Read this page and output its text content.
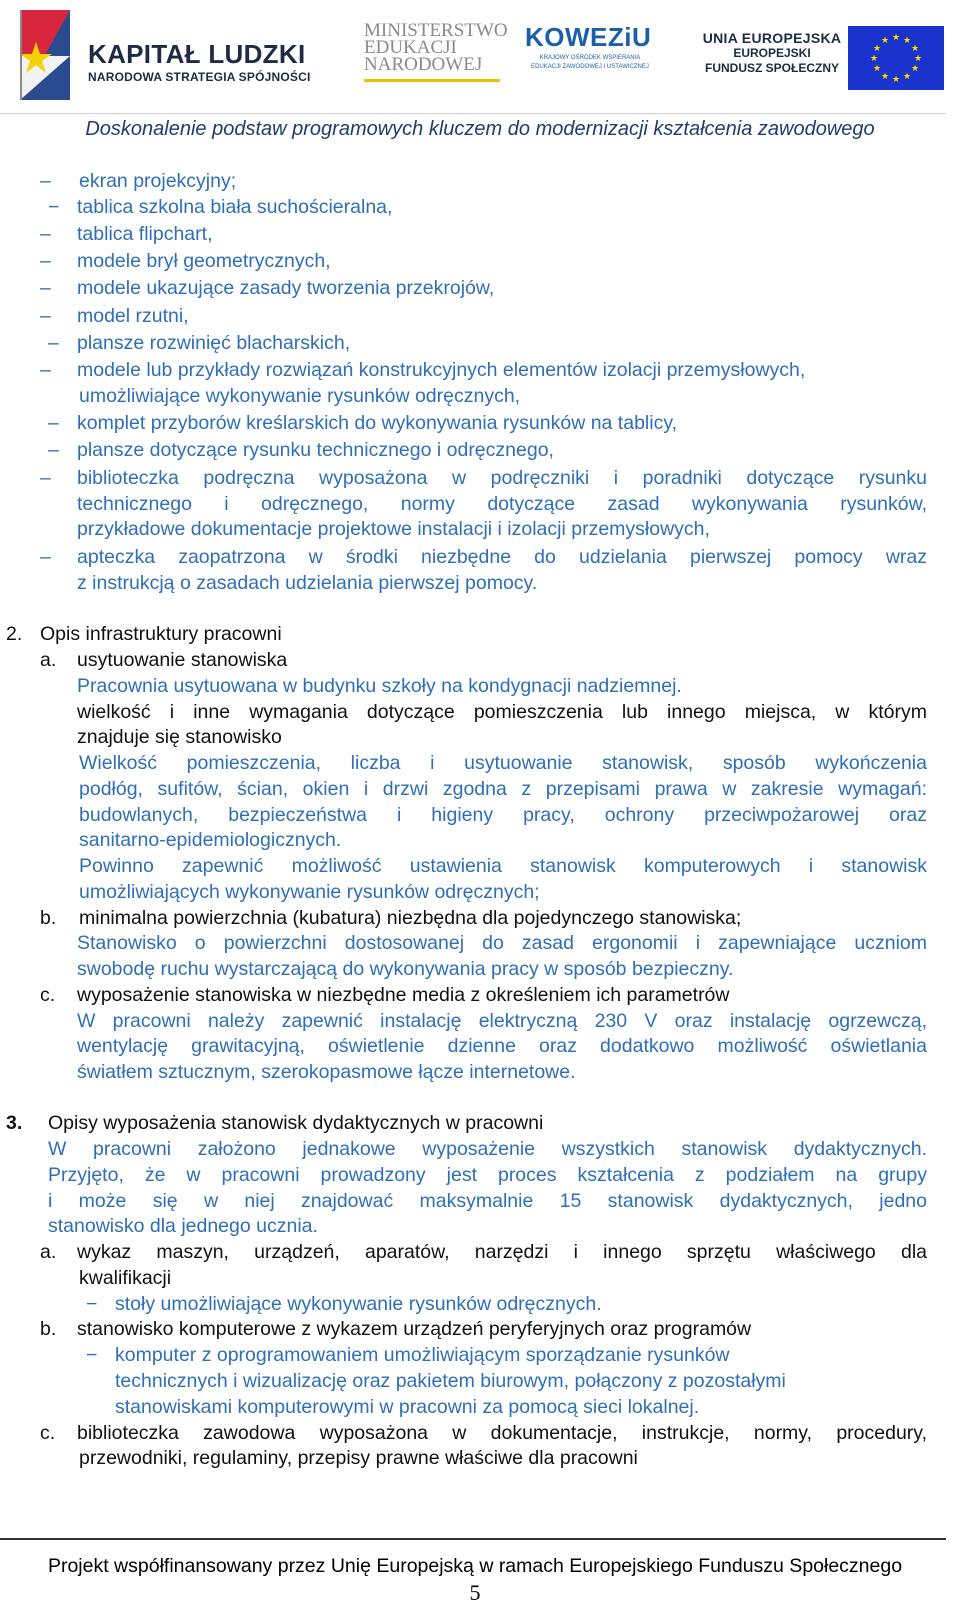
KAPITAŁ LUDZKI
NARODOWA STRATEGIA SPÓJNOŚCI
MINISTERSTWO
EDUKACJI
NARODOWEJ
KOWEZiU
KRAJOWY OŚRODEK WSPIERANIA
EDUKACJI ZAWODOWEJ I USTAWICZNEJ
UNIA EUROPEJSKA
EUROPEJSKI
FUNDUSZ SPOŁECZNY
★ ★
★
★
★
★
★
★
★
★
★
★
Doskonalenie podstaw programowych kluczem do modernizacji kształcenia zawodowego
– ekran projekcyjny;
− tablica szkolna biała suchościeralna,
– tablica flipchart,
– modele brył geometrycznych,
– modele ukazujące zasady tworzenia przekrojów,
– model rzutni,
– plansze rozwinięć blacharskich,
– modele lub przykłady rozwiązań konstrukcyjnych elementów izolacji przemysłowych,
umożliwiające wykonywanie rysunków odręcznych,
– komplet przyborów kreślarskich do wykonywania rysunków na tablicy,
– plansze dotyczące rysunku technicznego i odręcznego,
– biblioteczka podręczna wyposażona w podręczniki i poradniki dotyczące rysunku
technicznego i odręcznego, normy dotyczące zasad wykonywania rysunków,
przykładowe dokumentacje projektowe instalacji i izolacji przemysłowych,
– apteczka zaopatrzona w środki niezbędne do udzielania pierwszej pomocy wraz
z instrukcją o zasadach udzielania pierwszej pomocy.
2. Opis infrastruktury pracowni
a. usytuowanie stanowiska
Pracownia usytuowana w budynku szkoły na kondygnacji nadziemnej.
wielkość i inne wymagania dotyczące pomieszczenia lub innego miejsca, w którym
znajduje się stanowisko
Wielkość pomieszczenia, liczba i usytuowanie stanowisk, sposób wykończenia
podłóg, sufitów, ścian, okien i drzwi zgodna z przepisami prawa w zakresie wymagań:
budowlanych, bezpieczeństwa i higieny pracy, ochrony przeciwpożarowej oraz
sanitarno-epidemiologicznych.
Powinno zapewnić możliwość ustawienia stanowisk komputerowych i stanowisk
umożliwiających wykonywanie rysunków odręcznych;
b. minimalna powierzchnia (kubatura) niezbędna dla pojedynczego stanowiska;
Stanowisko o powierzchni dostosowanej do zasad ergonomii i zapewniające uczniom
swobodę ruchu wystarczającą do wykonywania pracy w sposób bezpieczny.
c. wyposażenie stanowiska w niezbędne media z określeniem ich parametrów
W pracowni należy zapewnić instalację elektryczną 230 V oraz instalację ogrzewczą,
wentylację grawitacyjną, oświetlenie dzienne oraz dodatkowo możliwość oświetlania
światłem sztucznym, szerokopasmowe łącze internetowe.
3. Opisy wyposażenia stanowisk dydaktycznych w pracowni
W pracowni założono jednakowe wyposażenie wszystkich stanowisk dydaktycznych.
Przyjęto, że w pracowni prowadzony jest proces kształcenia z podziałem na grupy
i może się w niej znajdować maksymalnie 15 stanowisk dydaktycznych, jedno
stanowisko dla jednego ucznia.
a. wykaz maszyn, urządzeń, aparatów, narzędzi i innego sprzętu właściwego dla
kwalifikacji
− stoły umożliwiające wykonywanie rysunków odręcznych.
b. stanowisko komputerowe z wykazem urządzeń peryferyjnych oraz programów
− komputer z oprogramowaniem umożliwiającym sporządzanie rysunków
technicznych i wizualizację oraz pakietem biurowym, połączony z pozostałymi
stanowiskami komputerowymi w pracowni za pomocą sieci lokalnej.
c. biblioteczka zawodowa wyposażona w dokumentacje, instrukcje, normy, procedury,
przewodniki, regulaminy, przepisy prawne właściwe dla pracowni
Projekt współfinansowany przez Unię Europejską w ramach Europejskiego Funduszu Społecznego
5
